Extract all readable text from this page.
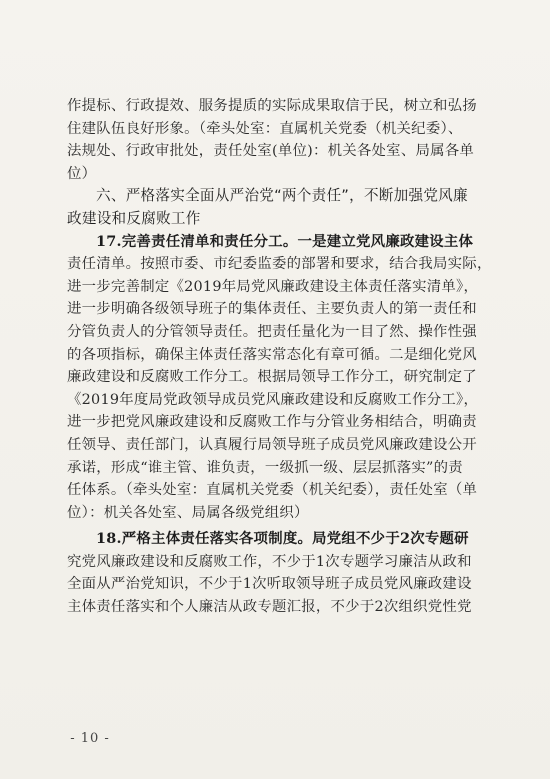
作提标、行政提效、服务提质的实际成果取信于民，树立和弘扬
住建队伍良好形象。（牵头处室：直属机关党委（机关纪委）、
法规处、行政审批处，责任处室(单位)：机关各处室、局属各单
位）
六、严格落实全面从严治党“两个责任”，不断加强党风廉
政建设和反腐败工作
17.完善责任清单和责任分工。一是建立党风廉政建设主体
责任清单。按照市委、市纪委监委的部署和要求，结合我局实际，
进一步完善制定《2019年局党风廉政建设主体责任落实清单》，
进一步明确各级领导班子的集体责任、主要负责人的第一责任和
分管负责人的分管领导责任。把责任量化为一目了然、操作性强
的各项指标，确保主体责任落实常态化有章可循。二是细化党风
廉政建设和反腐败工作分工。根据局领导工作分工，研究制定了
《2019年度局党政领导成员党风廉政建设和反腐败工作分工》，
进一步把党风廉政建设和反腐败工作与分管业务相结合，明确责
任领导、责任部门，认真履行局领导班子成员党风廉政建设公开
承诺，形成“谁主管、谁负责，一级抓一级、层层抓落实”的责
任体系。（牵头处室：直属机关党委（机关纪委），责任处室（单
位）：机关各处室、局属各级党组织）
18.严格主体责任落实各项制度。局党组不少于2次专题研
究党风廉政建设和反腐败工作，不少于1次专题学习廉洁从政和
全面从严治党知识，不少于1次听取领导班子成员党风廉政建设
主体责任落实和个人廉洁从政专题汇报，不少于2次组织党性党
- 10 -
